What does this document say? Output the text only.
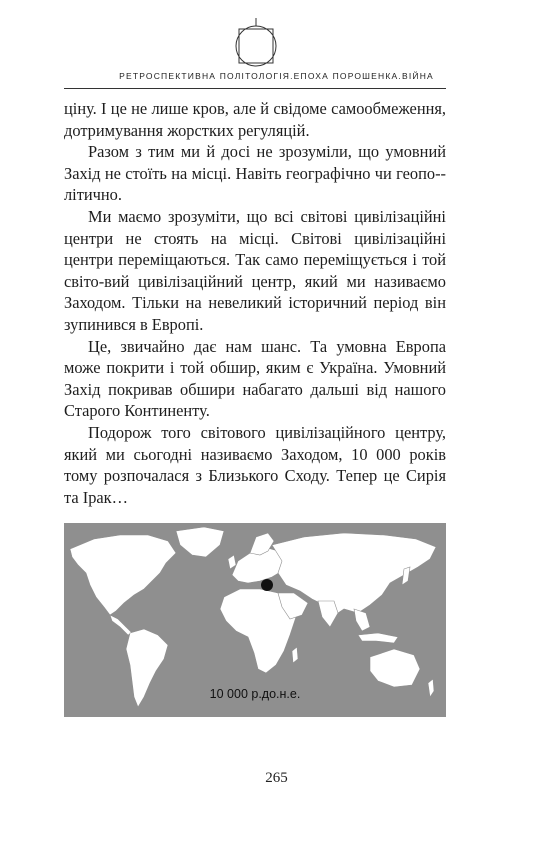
РЕТРОСПЕКТИВНА ПОЛІТОЛОГІЯ.ЕПОХА ПОРОШЕНКА.ВІЙНА

ціну. І це не лише кров, але й свідоме самообмеження, дотримування жорстких регуляцій.

Разом з тим ми й досі не зрозуміли, що умовний Захід не стоїть на місці. Навіть географічно чи геопо-літично.

Ми маємо зрозуміти, що всі світові цивілізаційні центри не стоять на місці. Світові цивілізаційні центри переміщаються. Так само переміщується і той світо-вий цивілізаційний центр, який ми називаємо Заходом. Тільки на невеликий історичний період він зупинився в Европі.

Це, звичайно дає нам шанс. Та умовна Европа може покрити і той обшир, яким є Україна. Умовний Захід покривав обшири набагато дальші від нашого Старого Континенту.

Подорож того світового цивілізаційного центру, який ми сьогодні називаємо Заходом, 10 000 років тому розпочалася з Близького Сходу. Тепер це Сирія та Ірак…

10 000 р.до.н.е.
265
